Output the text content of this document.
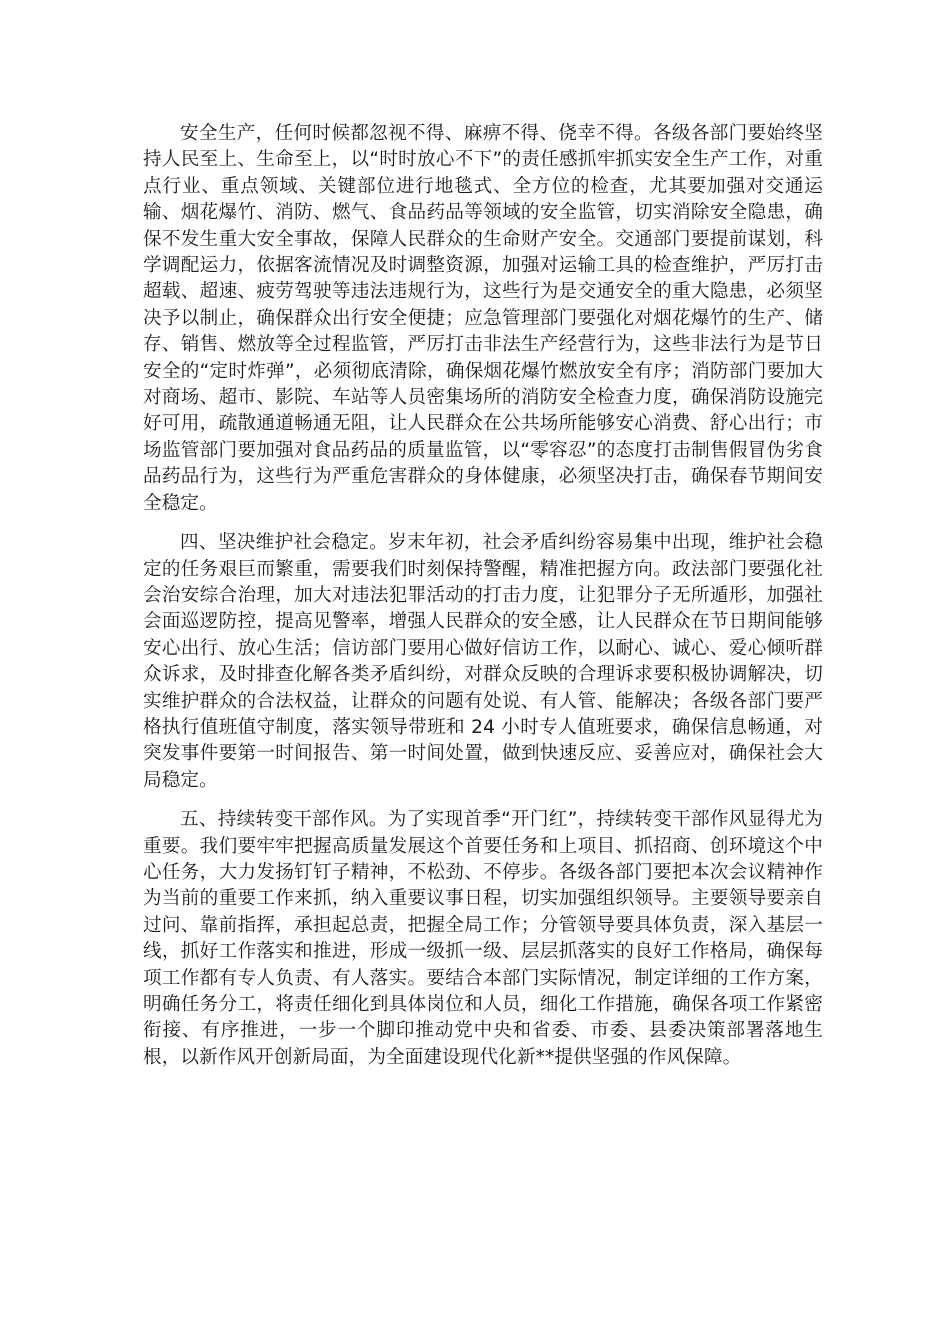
安全生产，任何时候都忽视不得、麻痹不得、侥幸不得。各级各部门要始终坚持人民至上、生命至上，以“时时放心不下”的责任感抓牢抓实安全生产工作，对重点行业、重点领域、关键部位进行地毯式、全方位的检查，尤其要加强对交通运输、烟花爆竹、消防、燃气、食品药品等领域的安全监管，切实消除安全隐患，确保不发生重大安全事故，保障人民群众的生命财产安全。交通部门要提前谋划，科学调配运力，依据客流情况及时调整资源，加强对运输工具的检查维护，严厉打击超载、超速、疲劳驾驶等违法违规行为，这些行为是交通安全的重大隐患，必须坚决予以制止，确保群众出行安全便捷；应急管理部门要强化对烟花爆竹的生产、储存、销售、燃放等全过程监管，严厉打击非法生产经营行为，这些非法行为是节日安全的“定时炸弹”，必须彻底清除，确保烟花爆竹燃放安全有序；消防部门要加大对商场、超市、影院、车站等人员密集场所的消防安全检查力度，确保消防设施完好可用，疏散通道畅通无阻，让人民群众在公共场所能够安心消费、舒心出行；市场监管部门要加强对食品药品的质量监管，以“零容忍”的态度打击制售假冒伪劣食品药品行为，这些行为严重危害群众的身体健康，必须坚决打击，确保春节期间安全稳定。

四、坚决维护社会稳定。岁末年初，社会矛盾纠纷容易集中出现，维护社会稳定的任务艰巨而繁重，需要我们时刻保持警醒，精准把握方向。政法部门要强化社会治安综合治理，加大对违法犯罪活动的打击力度，让犯罪分子无所遁形，加强社会面巡逻防控，提高见警率，增强人民群众的安全感，让人民群众在节日期间能够安心出行、放心生活；信访部门要用心做好信访工作，以耐心、诚心、爱心倾听群众诉求，及时排查化解各类矛盾纠纷，对群众反映的合理诉求要积极协调解决，切实维护群众的合法权益，让群众的问题有处说、有人管、能解决；各级各部门要严格执行值班值守制度，落实领导带班和 24 小时专人值班要求，确保信息畅通，对突发事件要第一时间报告、第一时间处置，做到快速反应、妥善应对，确保社会大局稳定。

五、持续转变干部作风。为了实现首季“开门红”，持续转变干部作风显得尤为重要。我们要牢牢把握高质量发展这个首要任务和上项目、抓招商、创环境这个中心任务，大力发扬钉钉子精神，不松劲、不停步。各级各部门要把本次会议精神作为当前的重要工作来抓，纳入重要议事日程，切实加强组织领导。主要领导要亲自过问、靠前指挥，承担起总责，把握全局工作；分管领导要具体负责，深入基层一线，抓好工作落实和推进，形成一级抓一级、层层抓落实的良好工作格局，确保每项工作都有专人负责、有人落实。要结合本部门实际情况，制定详细的工作方案，明确任务分工，将责任细化到具体岗位和人员，细化工作措施，确保各项工作紧密衔接、有序推进，一步一个脚印推动党中央和省委、市委、县委决策部署落地生根，以新作风开创新局面，为全面建设现代化新**提供坚强的作风保障。
